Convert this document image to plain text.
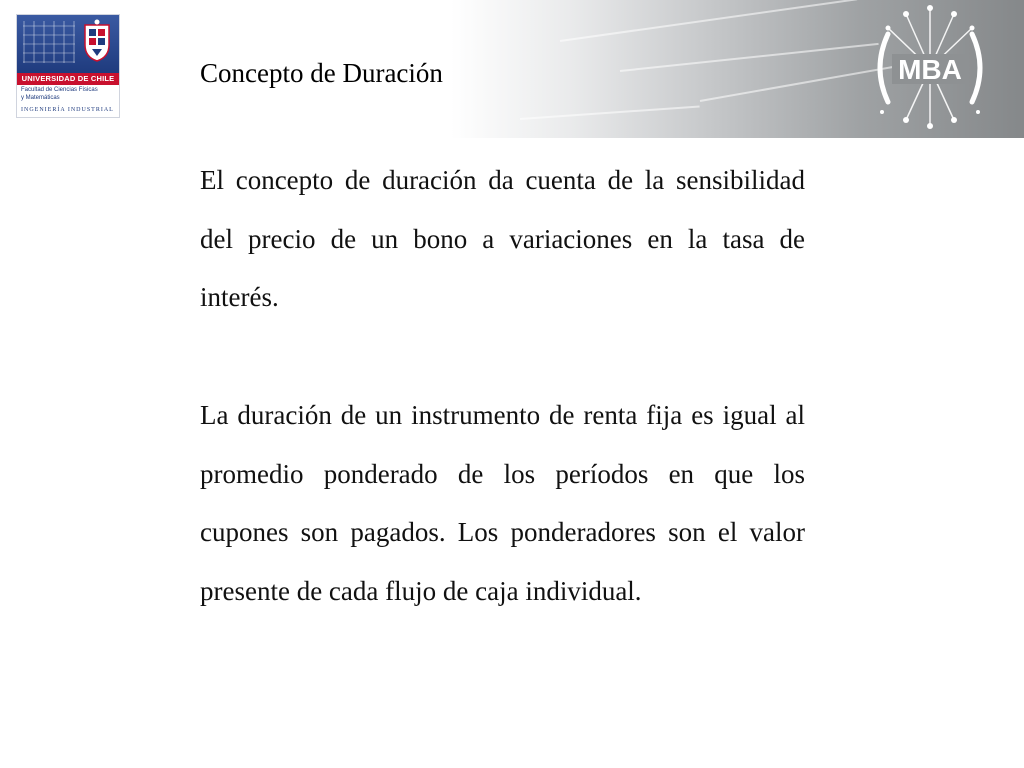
UNIVERSIDAD DE CHILE
Facultad de Ciencias Físicas
y Matemáticas
INGENIERÍA INDUSTRIAL
MBA
Concepto de Duración

El concepto de duración da cuenta de la sensibilidad del precio de un bono a variaciones en la tasa de interés.

La duración de un instrumento de renta fija es igual al promedio ponderado de los períodos en que los cupones son pagados. Los ponderadores son el valor presente de cada flujo de caja individual.
